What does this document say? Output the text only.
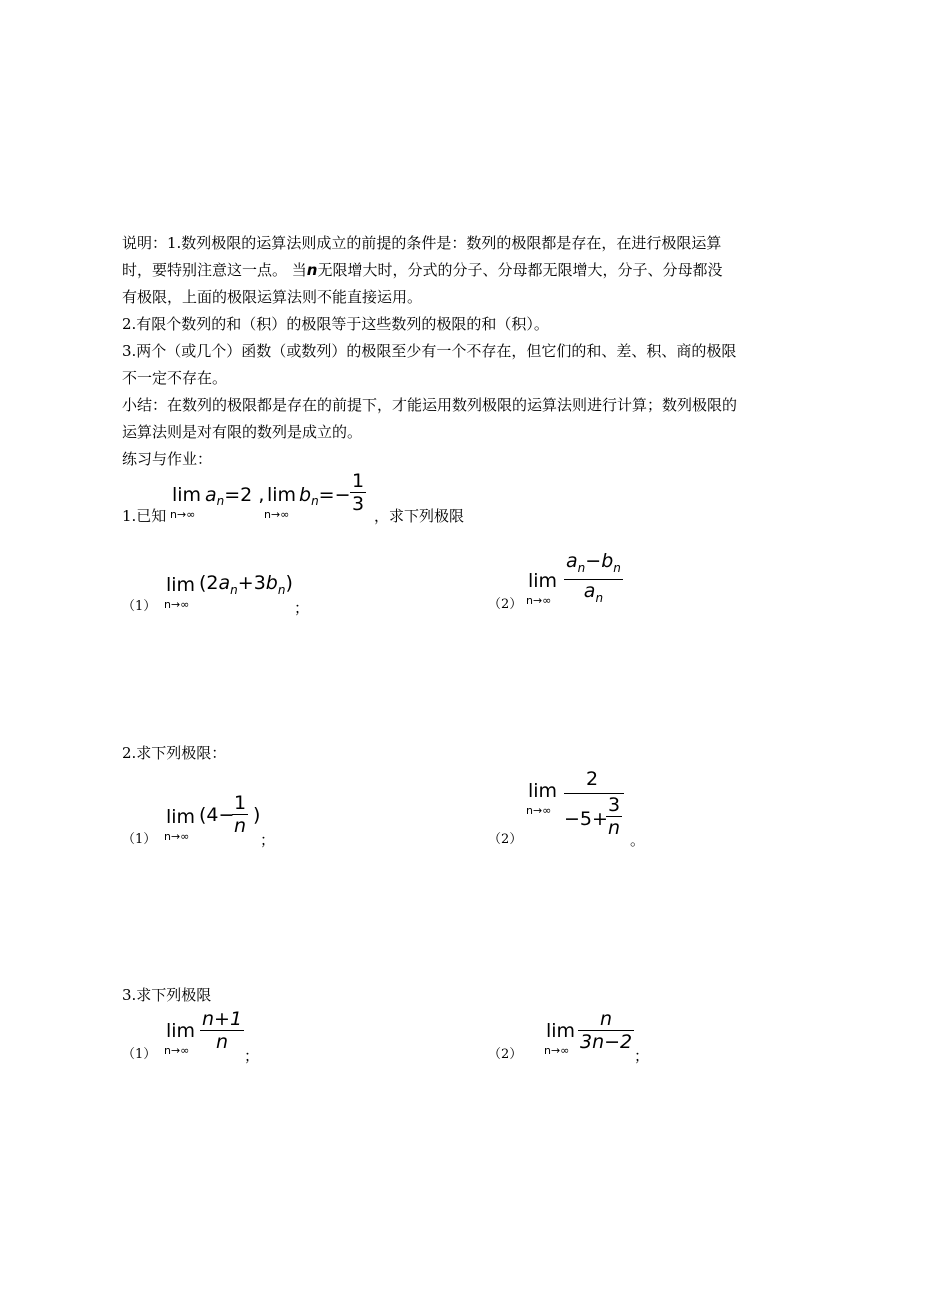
说明：1.数列极限的运算法则成立的前提的条件是：数列的极限都是存在，在进行极限运算
时，要特别注意这一点。 当n无限增大时，分式的分子、分母都无限增大，分子、分母都没
有极限，上面的极限运算法则不能直接运用。
2.有限个数列的和（积）的极限等于这些数列的极限的和（积）。
3.两个（或几个）函数（或数列）的极限至少有一个不存在，但它们的和、差、积、商的极限
不一定不存在。
小结：在数列的极限都是存在的前提下，才能运用数列极限的运算法则进行计算；数列极限的
运算法则是对有限的数列是成立的。
练习与作业：
1.已知
lim
n→∞
$a_n=2$ , lim
n→∞
$b_n=-$
1
3
，求下列极限
（1）
lim
n→∞
$(2a_n+3b_n)$
；	（2）
lim
n→∞
$a_n-b_n$
$a_n$
2.求下列极限：
（1）
lim
n→∞
(4−
1
n )
；	（2）
lim
n→∞
2
−5+
3
n
。
3.求下列极限
（1）
lim
n→∞
n+1
n
；	（2）
lim
n→∞
n
3n−2
；
